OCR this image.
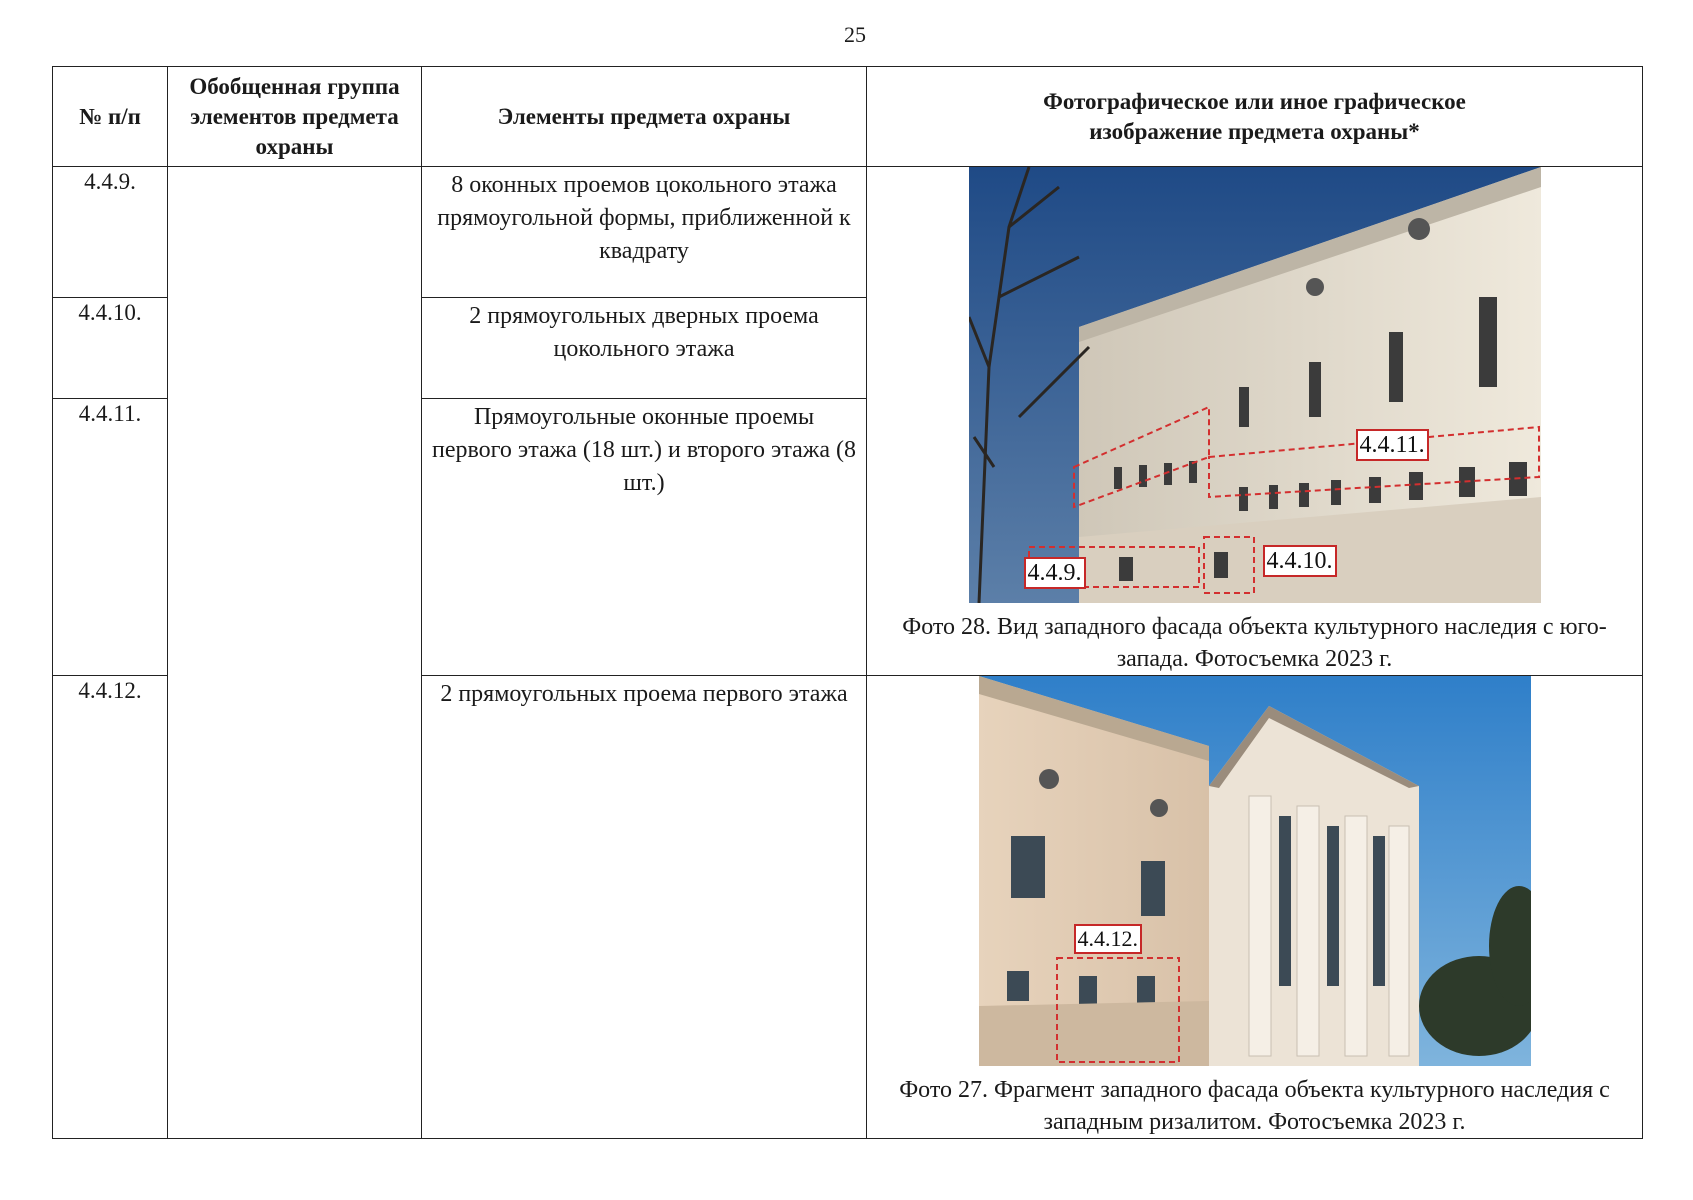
25
№ п/п	Обобщенная группа элементов предмета охраны	Элементы предмета охраны	Фотографическое или иное графическое изображение предмета охраны*
4.4.9.		8 оконных проемов цокольного этажа прямоугольной формы, приближенной к квадрату	4.4.11.
4.4.9. 4.4.10.
Фото 28. Вид западного фасада объекта культурного наследия с юго-запада. Фотосъемка 2023 г.

4.4.10.		2 прямоугольных дверных проема цокольного этажа	
4.4.11.		Прямоугольные оконные проемы первого этажа (18 шт.) и второго этажа (8 шт.)	
4.4.12.		2 прямоугольных проема первого этажа	4.4.12.
Фото 27. Фрагмент западного фасада объекта культурного наследия с западным ризалитом. Фотосъемка 2023 г.
